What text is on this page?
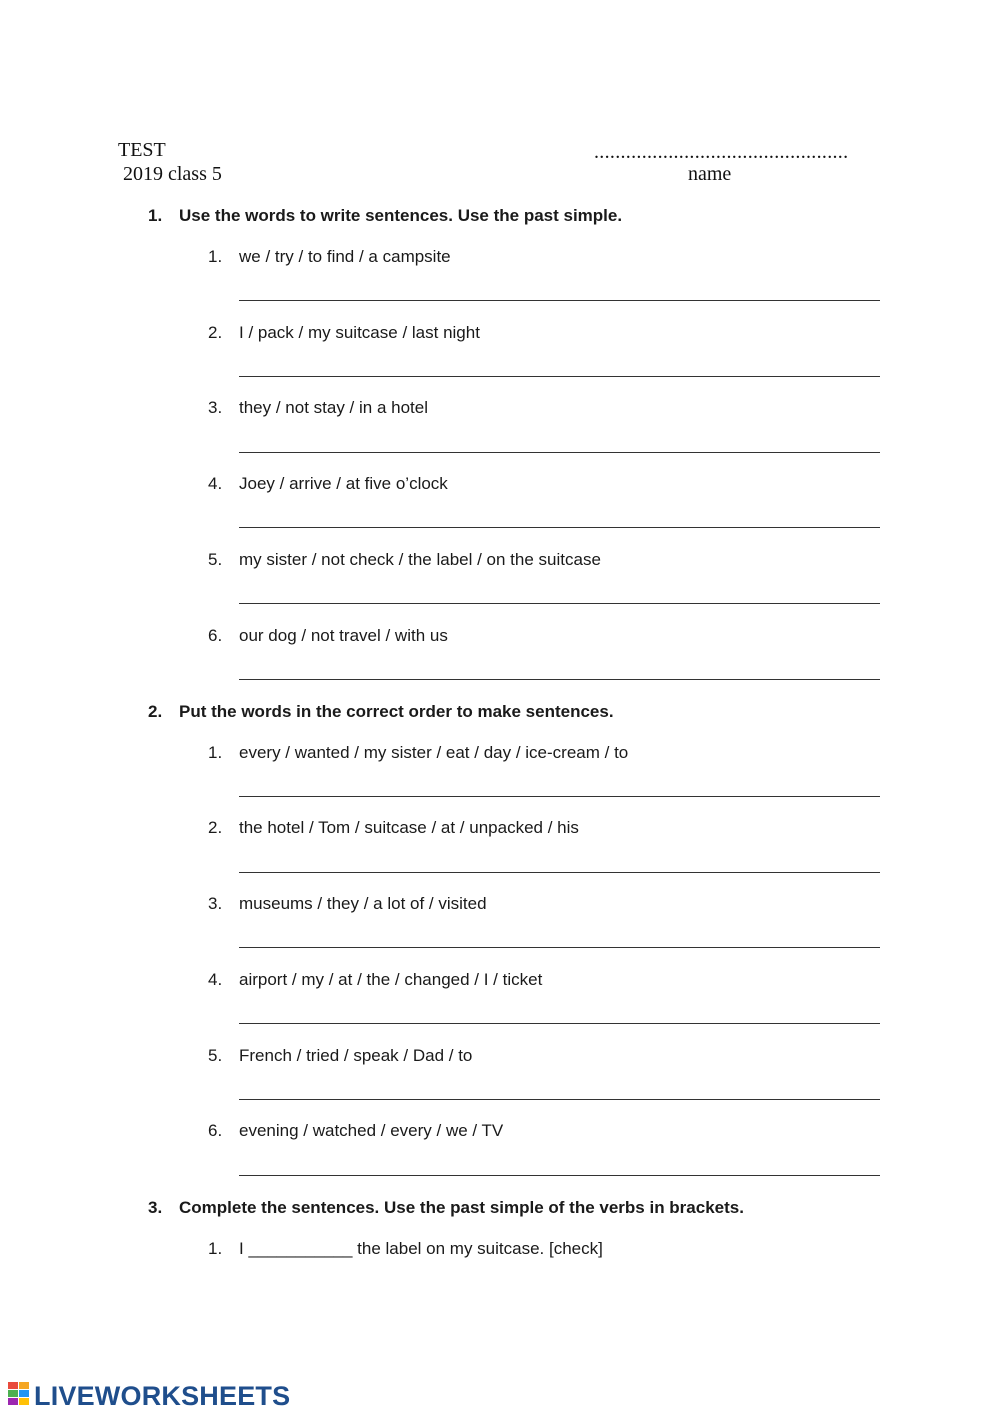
TEST
2019 class 5
................................................
name
1. Use the words to write sentences. Use the past simple.
1. we / try / to find / a campsite
2. I / pack / my suitcase / last night
3. they / not stay / in a hotel
4. Joey / arrive / at five o’clock
5. my sister / not check / the label / on the suitcase
6. our dog / not travel / with us
2. Put the words in the correct order to make sentences.
1. every / wanted / my sister / eat / day / ice-cream / to
2. the hotel / Tom / suitcase / at / unpacked / his
3. museums / they / a lot of / visited
4. airport / my / at / the / changed / I / ticket
5. French / tried / speak / Dad / to
6. evening / watched / every / we / TV
3. Complete the sentences. Use the past simple of the verbs in brackets.
1. I ___________ the label on my suitcase. [check]
LIVEWORKSHEETS
